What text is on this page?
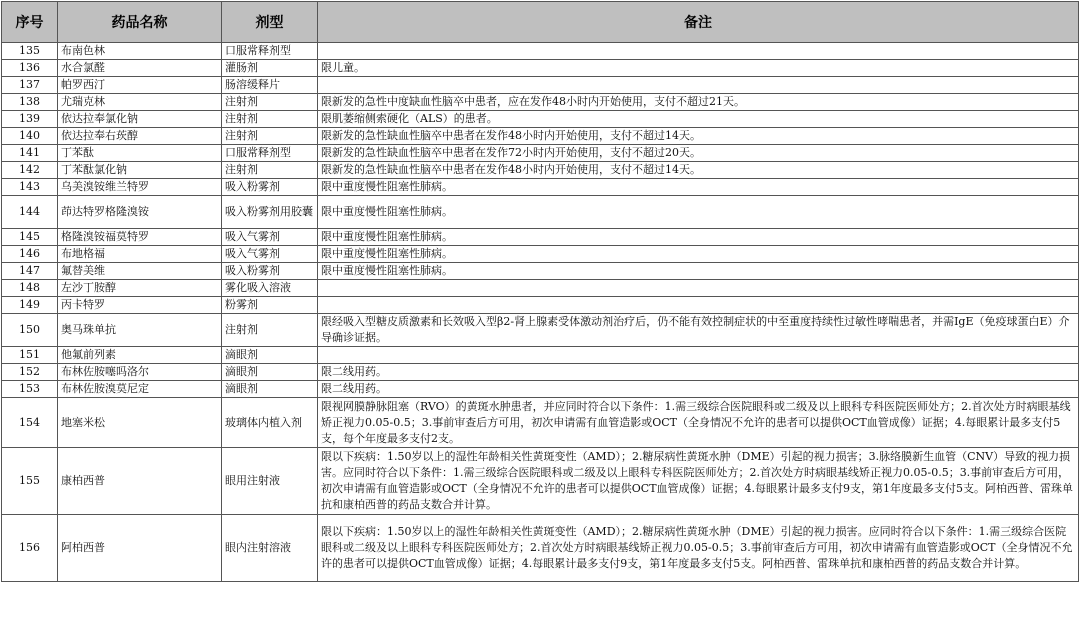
序号	药品名称	剂型	备注
135	布南色林	口服常释剂型	
136	水合氯醛	灌肠剂	限儿童。
137	帕罗西汀	肠溶缓释片	
138	尤瑞克林	注射剂	限新发的急性中度缺血性脑卒中患者，应在发作48小时内开始使用，支付不超过21天。
139	依达拉奉氯化钠	注射剂	限肌萎缩侧索硬化（ALS）的患者。
140	依达拉奉右莰醇	注射剂	限新发的急性缺血性脑卒中患者在发作48小时内开始使用，支付不超过14天。
141	丁苯酞	口服常释剂型	限新发的急性缺血性脑卒中患者在发作72小时内开始使用，支付不超过20天。
142	丁苯酞氯化钠	注射剂	限新发的急性缺血性脑卒中患者在发作48小时内开始使用，支付不超过14天。
143	乌美溴铵维兰特罗	吸入粉雾剂	限中重度慢性阻塞性肺病。
144	茚达特罗格隆溴铵	吸入粉雾剂用胶囊	限中重度慢性阻塞性肺病。
145	格隆溴铵福莫特罗	吸入气雾剂	限中重度慢性阻塞性肺病。
146	布地格福	吸入气雾剂	限中重度慢性阻塞性肺病。
147	氟替美维	吸入粉雾剂	限中重度慢性阻塞性肺病。
148	左沙丁胺醇	雾化吸入溶液	
149	丙卡特罗	粉雾剂	
150	奥马珠单抗	注射剂	限经吸入型糖皮质激素和长效吸入型β2-肾上腺素受体激动剂治疗后，仍不能有效控制症状的中至重度持续性过敏性哮喘患者，并需IgE（免疫球蛋白E）介导确诊证据。
151	他氟前列素	滴眼剂	
152	布林佐胺噻吗洛尔	滴眼剂	限二线用药。
153	布林佐胺溴莫尼定	滴眼剂	限二线用药。
154	地塞米松	玻璃体内植入剂	限视网膜静脉阻塞（RVO）的黄斑水肿患者，并应同时符合以下条件：1.需三级综合医院眼科或二级及以上眼科专科医院医师处方；2.首次处方时病眼基线矫正视力0.05-0.5；3.事前审查后方可用，初次申请需有血管造影或OCT（全身情况不允许的患者可以提供OCT血管成像）证据；4.每眼累计最多支付5支，每个年度最多支付2支。
155	康柏西普	眼用注射液	限以下疾病：1.50岁以上的湿性年龄相关性黄斑变性（AMD）；2.糖尿病性黄斑水肿（DME）引起的视力损害；3.脉络膜新生血管（CNV）导致的视力损害。应同时符合以下条件：1.需三级综合医院眼科或二级及以上眼科专科医院医师处方；2.首次处方时病眼基线矫正视力0.05-0.5；3.事前审查后方可用，初次申请需有血管造影或OCT（全身情况不允许的患者可以提供OCT血管成像）证据；4.每眼累计最多支付9支，第1年度最多支付5支。阿柏西普、雷珠单抗和康柏西普的药品支数合并计算。
156	阿柏西普	眼内注射溶液	限以下疾病：1.50岁以上的湿性年龄相关性黄斑变性（AMD）；2.糖尿病性黄斑水肿（DME）引起的视力损害。应同时符合以下条件：1.需三级综合医院眼科或二级及以上眼科专科医院医师处方；2.首次处方时病眼基线矫正视力0.05-0.5；3.事前审查后方可用，初次申请需有血管造影或OCT（全身情况不允许的患者可以提供OCT血管成像）证据；4.每眼累计最多支付9支，第1年度最多支付5支。阿柏西普、雷珠单抗和康柏西普的药品支数合并计算。
